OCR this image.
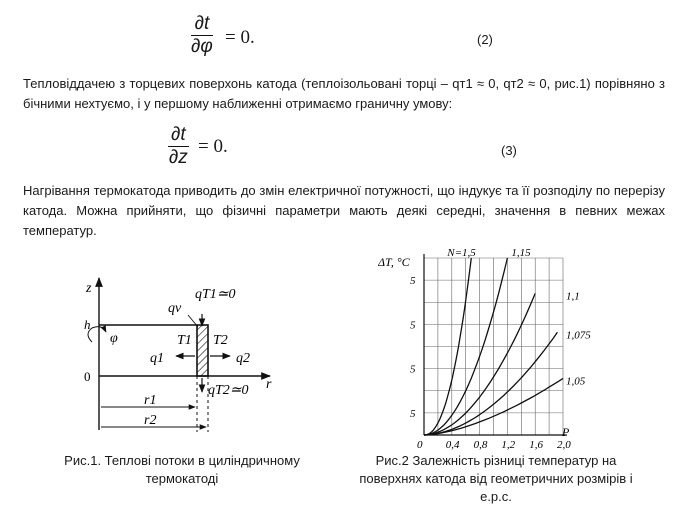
$\frac{\partial t}{\partial\varphi} = 0$.	(2)
Тепловіддачею з торцевих поверхонь катода (теплоізольовані торці – qт1 ≈ 0, qт2 ≈ 0, рис.1) порівняно з бічними нехтуємо, і у першому наближенні отримаємо граничну умову:
$\frac{\partial t}{\partial z} = 0$.	(3)
Нагрівання термокатода приводить до змін електричної потужності, що індукує та її розподілу по перерізу катода. Можна прийняти, що фізичні параметри мають деякі середні, значення в певних межах температур.
z
r
h
0
φ
qv
qT1≃0
T1 T2
q1	q2
qT2≃0
r1
r2
Рис.1. Теплові потоки в циліндричному термокатоді
0 0,4 0,8 1,2 1,6 2,0
5
5
5
5
N=1,5	1,15
1,1
1,075
1,05
ΔT, °C
P
Рис.2 Залежність різниці температур на поверхнях катода від геометричних розмірів і е.р.с.
